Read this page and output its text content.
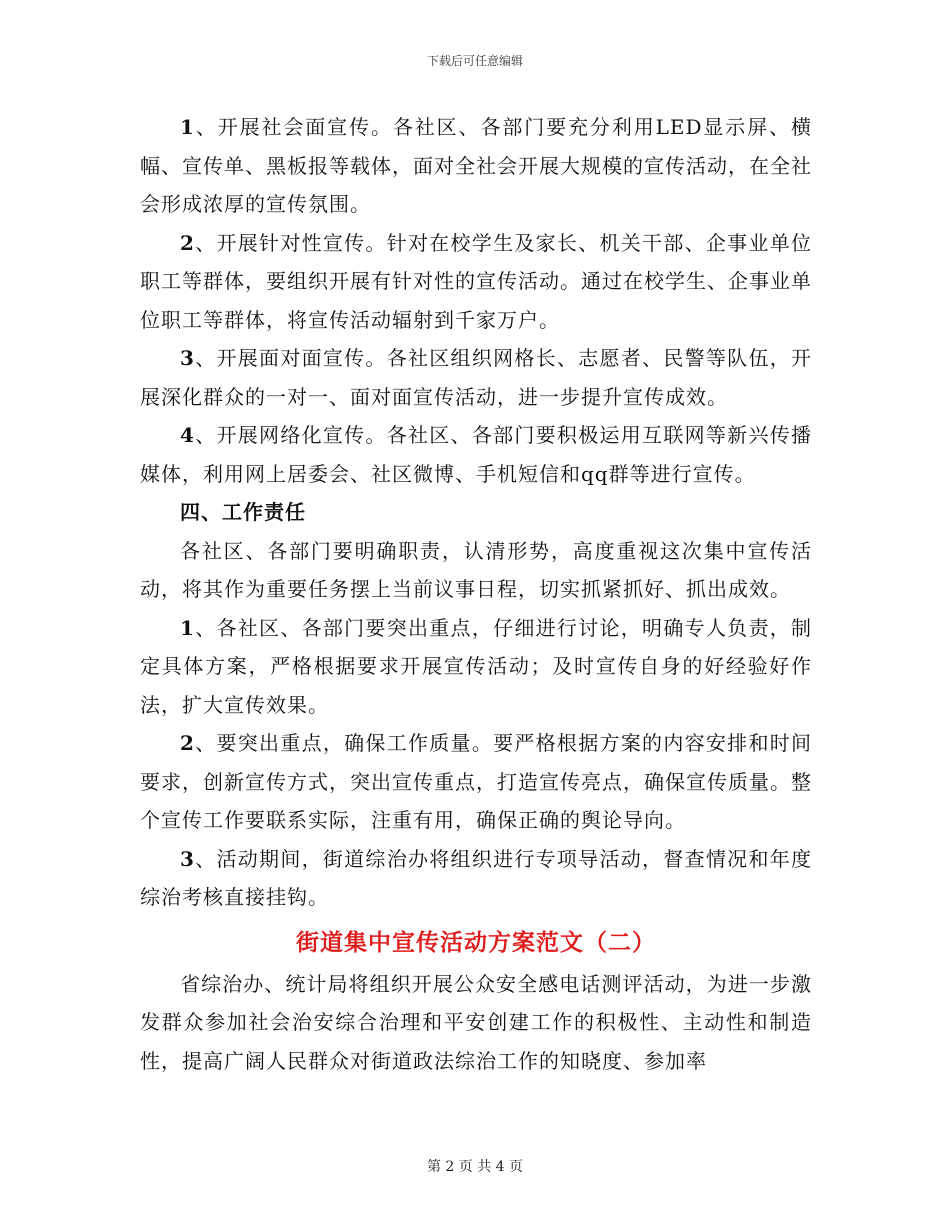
下载后可任意编辑

1、开展社会面宣传。各社区、各部门要充分利用LED显示屏、横幅、宣传单、黑板报等载体，面对全社会开展大规模的宣传活动，在全社会形成浓厚的宣传氛围。

2、开展针对性宣传。针对在校学生及家长、机关干部、企事业单位职工等群体，要组织开展有针对性的宣传活动。通过在校学生、企事业单位职工等群体，将宣传活动辐射到千家万户。

3、开展面对面宣传。各社区组织网格长、志愿者、民警等队伍，开展深化群众的一对一、面对面宣传活动，进一步提升宣传成效。

4、开展网络化宣传。各社区、各部门要积极运用互联网等新兴传播媒体，利用网上居委会、社区微博、手机短信和qq群等进行宣传。

四、工作责任

各社区、各部门要明确职责，认清形势，高度重视这次集中宣传活动，将其作为重要任务摆上当前议事日程，切实抓紧抓好、抓出成效。

1、各社区、各部门要突出重点，仔细进行讨论，明确专人负责，制定具体方案，严格根据要求开展宣传活动；及时宣传自身的好经验好作法，扩大宣传效果。

2、要突出重点，确保工作质量。要严格根据方案的内容安排和时间要求，创新宣传方式，突出宣传重点，打造宣传亮点，确保宣传质量。整个宣传工作要联系实际，注重有用，确保正确的舆论导向。

3、活动期间，街道综治办将组织进行专项导活动，督查情况和年度综治考核直接挂钩。

街道集中宣传活动方案范文（二）

省综治办、统计局将组织开展公众安全感电话测评活动，为进一步激发群众参加社会治安综合治理和平安创建工作的积极性、主动性和制造性，提高广阔人民群众对街道政法综治工作的知晓度、参加率

第 2 页 共 4 页
